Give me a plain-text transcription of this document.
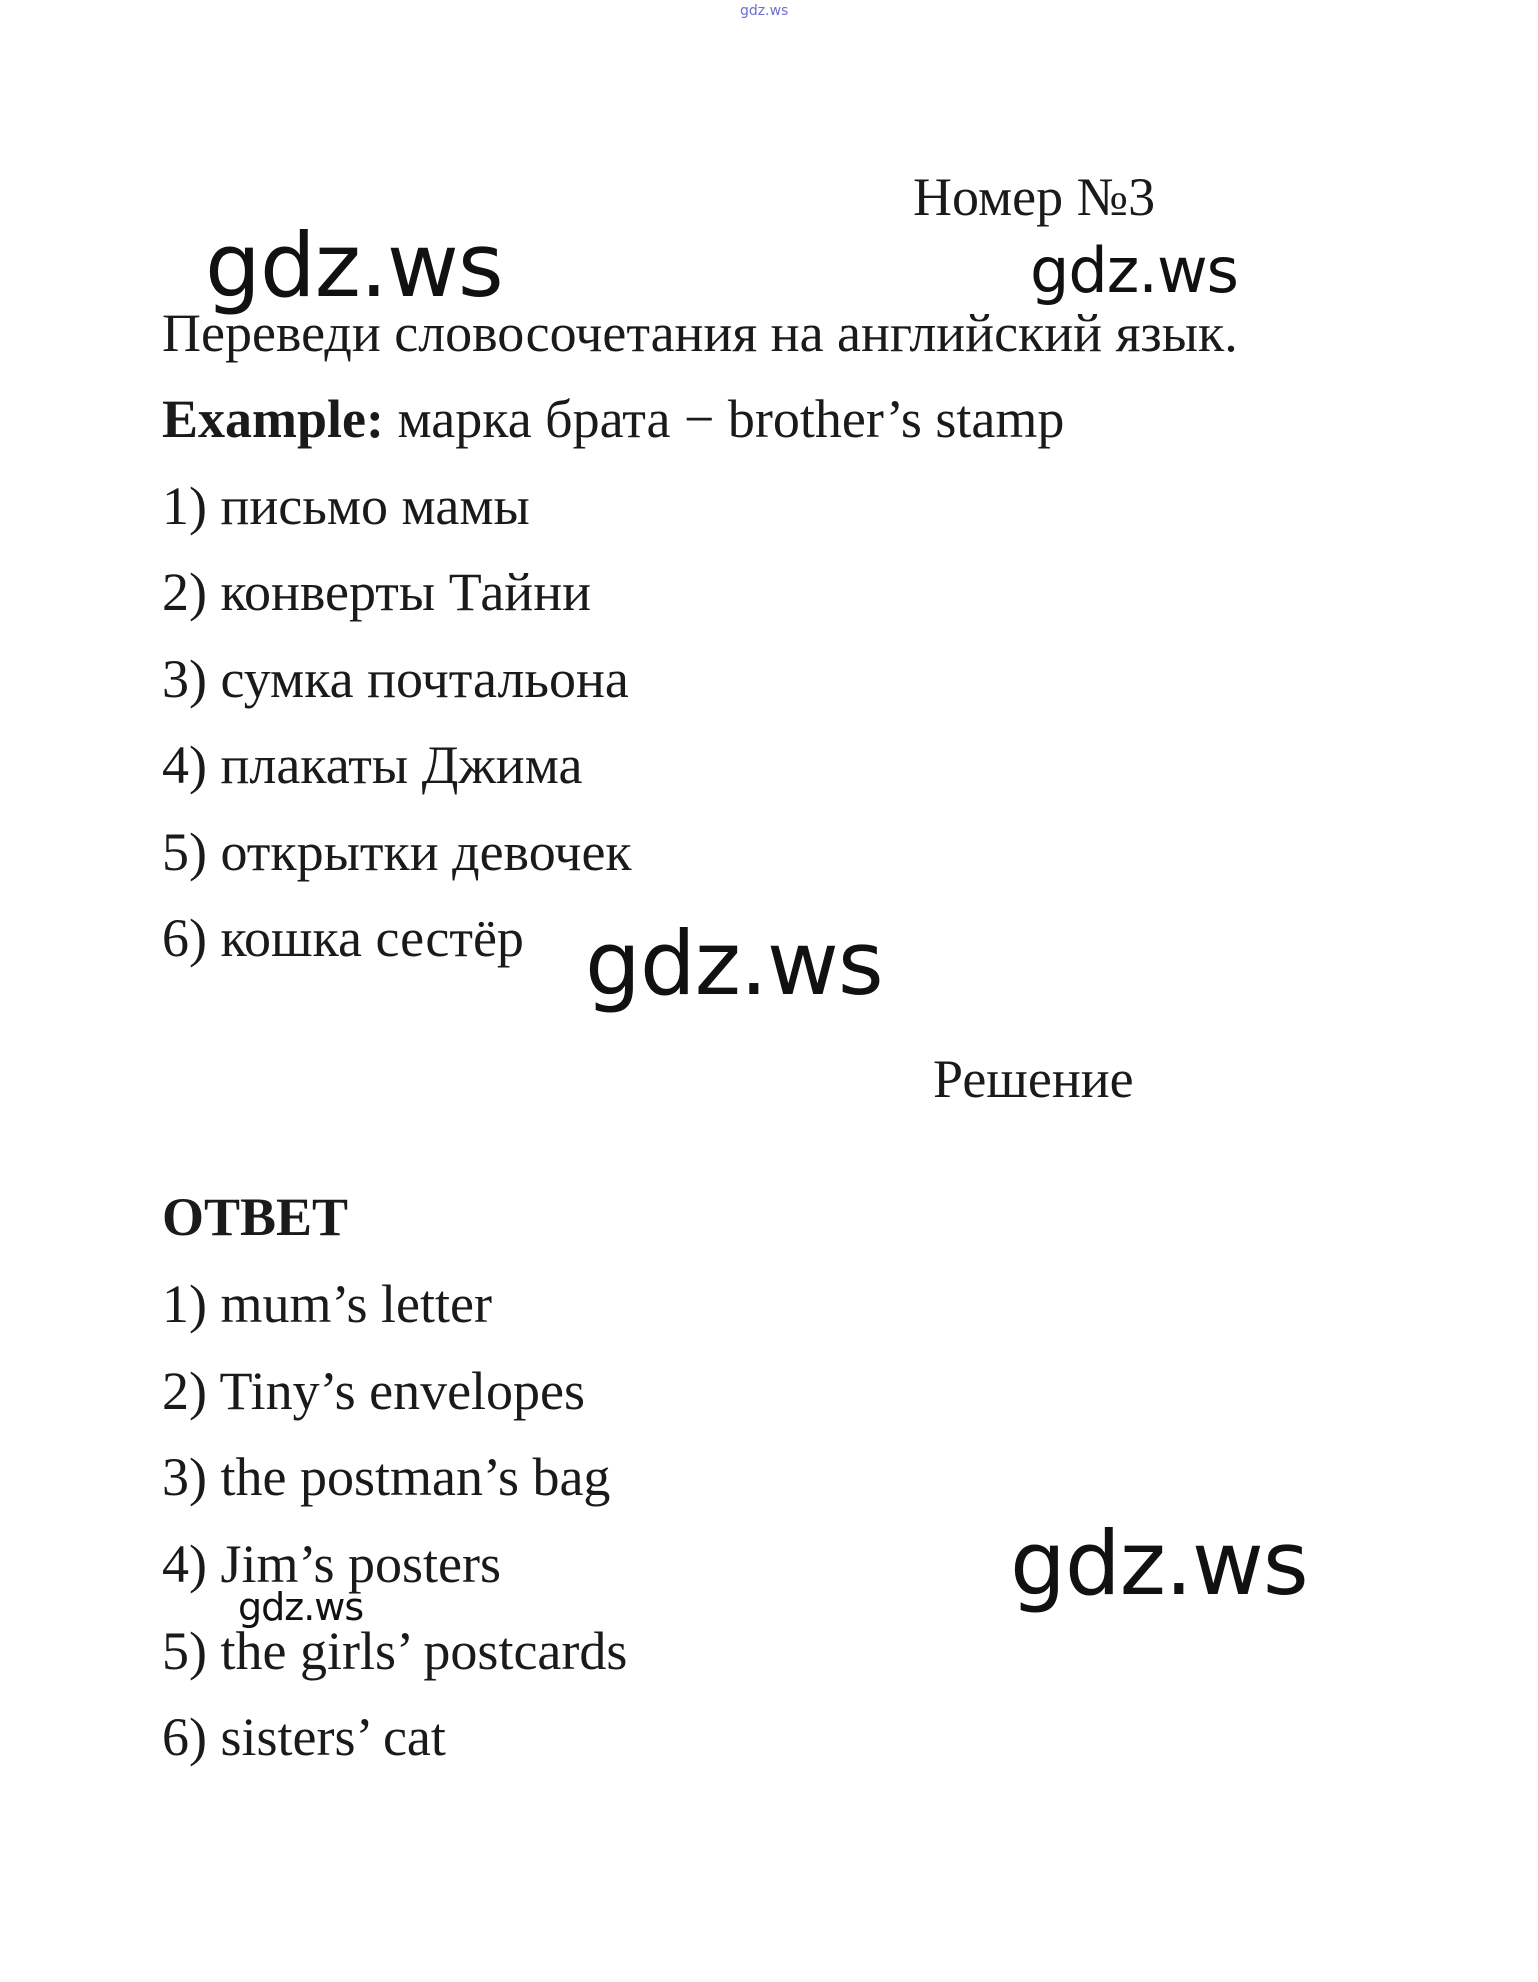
gdz.ws
Номер №3
gdz.ws	gdz.ws
Переведи словосочетания на английский язык.
Example: марка брата − brother’s stamp
1) письмо мамы
2) конверты Тайни
3) сумка почтальона
4) плакаты Джима
5) открытки девочек
6) кошка сестёр gdz.ws
Решение
ОТВЕТ
1) mum’s letter
2) Tiny’s envelopes
3) the postman’s bag
4) Jim’s posters
5) the girls’ postcards
6) sisters’ cat
gdz.ws	gdz.ws
